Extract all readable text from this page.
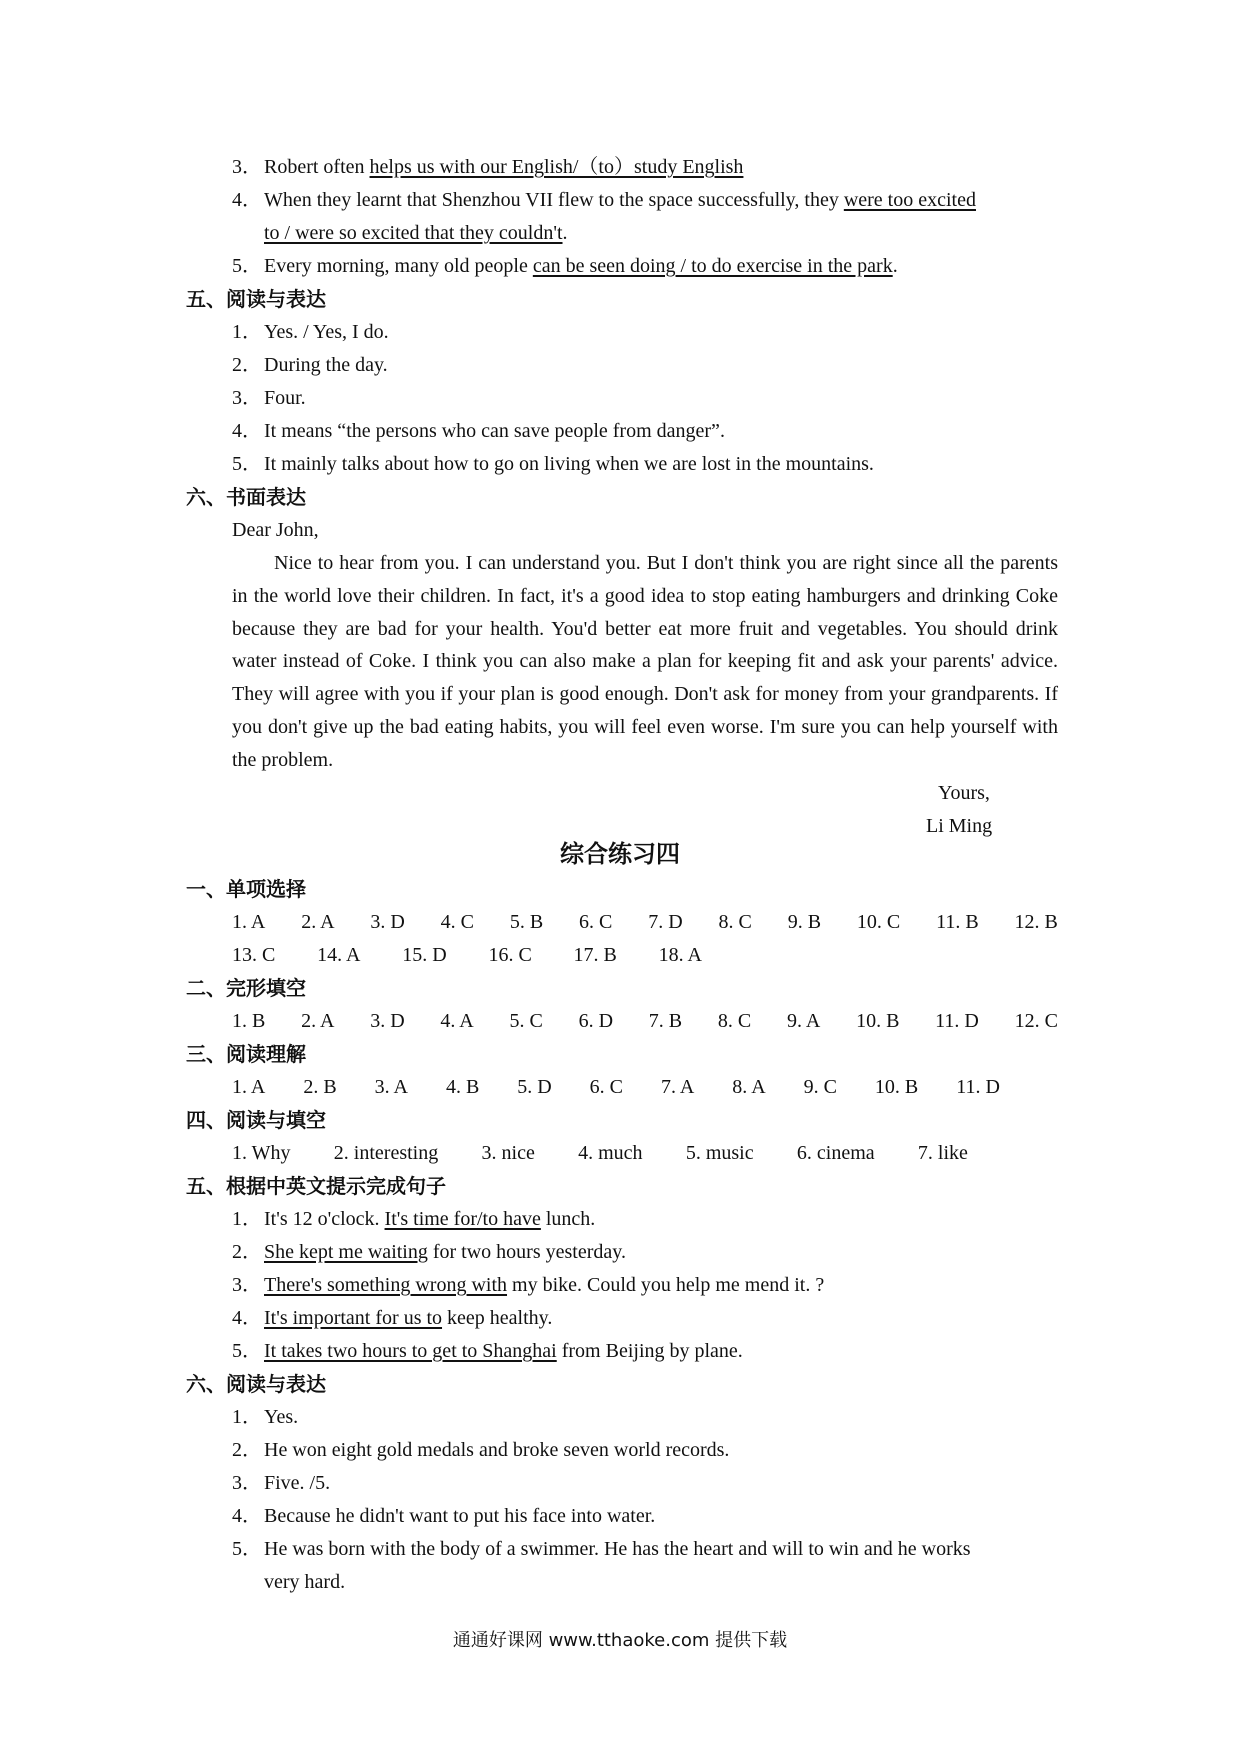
3． Robert often helps us with our English/（to）study English
4． When they learnt that Shenzhou VII flew to the space successfully, they were too excited
to / were so excited that they couldn't.
5． Every morning, many old people can be seen doing / to do exercise in the park.
五、阅读与表达
1． Yes. / Yes, I do.
2． During the day.
3． Four.
4． It means “the persons who can save people from danger”.
5． It mainly talks about how to go on living when we are lost in the mountains.
六、书面表达
Dear John,
Nice to hear from you. I can understand you. But I don't think you are right since all the parents in the world love their children. In fact, it's a good idea to stop eating hamburgers and drinking Coke because they are bad for your health. You'd better eat more fruit and vegetables. You should drink water instead of Coke. I think you can also make a plan for keeping fit and ask your parents' advice. They will agree with you if your plan is good enough. Don't ask for money from your grandparents. If you don't give up the bad eating habits, you will feel even worse. I'm sure you can help yourself with the problem.
Yours,
Li Ming
综合练习四
一、单项选择
1. A 2. A 3. D 4. C 5. B 6. C 7. D 8. C 9. B 10. C 11. B 12. B
13. C 14. A 15. D 16. C 17. B 18. A
二、完形填空
1. B 2. A 3. D 4. A 5. C 6. D 7. B 8. C 9. A 10. B 11. D 12. C
三、阅读理解
1. A 2. B 3. A 4. B 5. D 6. C 7. A 8. A 9. C 10. B 11. D
四、阅读与填空
1. Why 2. interesting 3. nice 4. much 5. music 6. cinema 7. like
五、根据中英文提示完成句子
1． It's 12 o'clock. It's time for/to have lunch.
2． She kept me waiting for two hours yesterday.
3． There's something wrong with my bike. Could you help me mend it. ?
4． It's important for us to keep healthy.
5． It takes two hours to get to Shanghai from Beijing by plane.
六、阅读与表达
1． Yes.
2． He won eight gold medals and broke seven world records.
3． Five. /5.
4． Because he didn't want to put his face into water.
5． He was born with the body of a swimmer. He has the heart and will to win and he works
very hard.
通通好课网 www.tthaoke.com 提供下载
